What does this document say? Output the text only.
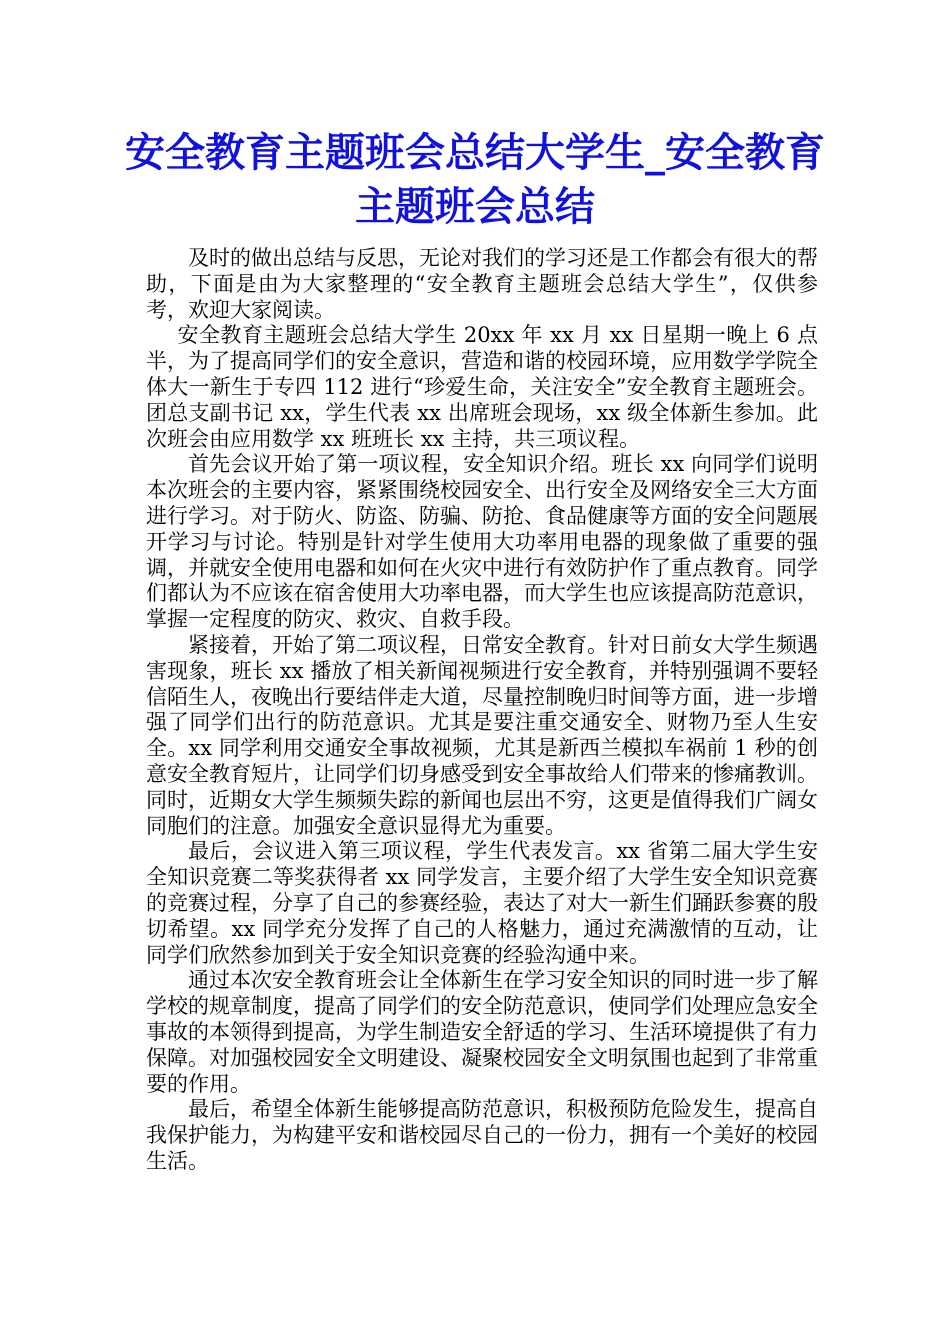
安全教育主题班会总结大学生_安全教育主题班会总结

及时的做出总结与反思，无论对我们的学习还是工作都会有很大的帮助，下面是由为大家整理的“安全教育主题班会总结大学生”，仅供参考，欢迎大家阅读。

安全教育主题班会总结大学生 20xx 年 xx 月 xx 日星期一晚上 6 点半，为了提高同学们的安全意识，营造和谐的校园环境，应用数学学院全体大一新生于专四 112 进行“珍爱生命，关注安全”安全教育主题班会。团总支副书记 xx，学生代表 xx 出席班会现场，xx 级全体新生参加。此次班会由应用数学 xx 班班长 xx 主持，共三项议程。

首先会议开始了第一项议程，安全知识介绍。班长 xx 向同学们说明本次班会的主要内容，紧紧围绕校园安全、出行安全及网络安全三大方面进行学习。对于防火、防盗、防骗、防抢、食品健康等方面的安全问题展开学习与讨论。特别是针对学生使用大功率用电器的现象做了重要的强调，并就安全使用电器和如何在火灾中进行有效防护作了重点教育。同学们都认为不应该在宿舍使用大功率电器，而大学生也应该提高防范意识，掌握一定程度的防灾、救灾、自救手段。

紧接着，开始了第二项议程，日常安全教育。针对日前女大学生频遇害现象，班长 xx 播放了相关新闻视频进行安全教育，并特别强调不要轻信陌生人，夜晚出行要结伴走大道，尽量控制晚归时间等方面，进一步增强了同学们出行的防范意识。尤其是要注重交通安全、财物乃至人生安全。xx 同学利用交通安全事故视频，尤其是新西兰模拟车祸前 1 秒的创意安全教育短片，让同学们切身感受到安全事故给人们带来的惨痛教训。同时，近期女大学生频频失踪的新闻也层出不穷，这更是值得我们广阔女同胞们的注意。加强安全意识显得尤为重要。

最后，会议进入第三项议程，学生代表发言。xx 省第二届大学生安全知识竞赛二等奖获得者 xx 同学发言，主要介绍了大学生安全知识竞赛的竞赛过程，分享了自己的参赛经验，表达了对大一新生们踊跃参赛的殷切希望。xx 同学充分发挥了自己的人格魅力，通过充满激情的互动，让同学们欣然参加到关于安全知识竞赛的经验沟通中来。

通过本次安全教育班会让全体新生在学习安全知识的同时进一步了解学校的规章制度，提高了同学们的安全防范意识，使同学们处理应急安全事故的本领得到提高，为学生制造安全舒适的学习、生活环境提供了有力保障。对加强校园安全文明建设、凝聚校园安全文明氛围也起到了非常重要的作用。

最后，希望全体新生能够提高防范意识，积极预防危险发生，提高自我保护能力，为构建平安和谐校园尽自己的一份力，拥有一个美好的校园生活。
